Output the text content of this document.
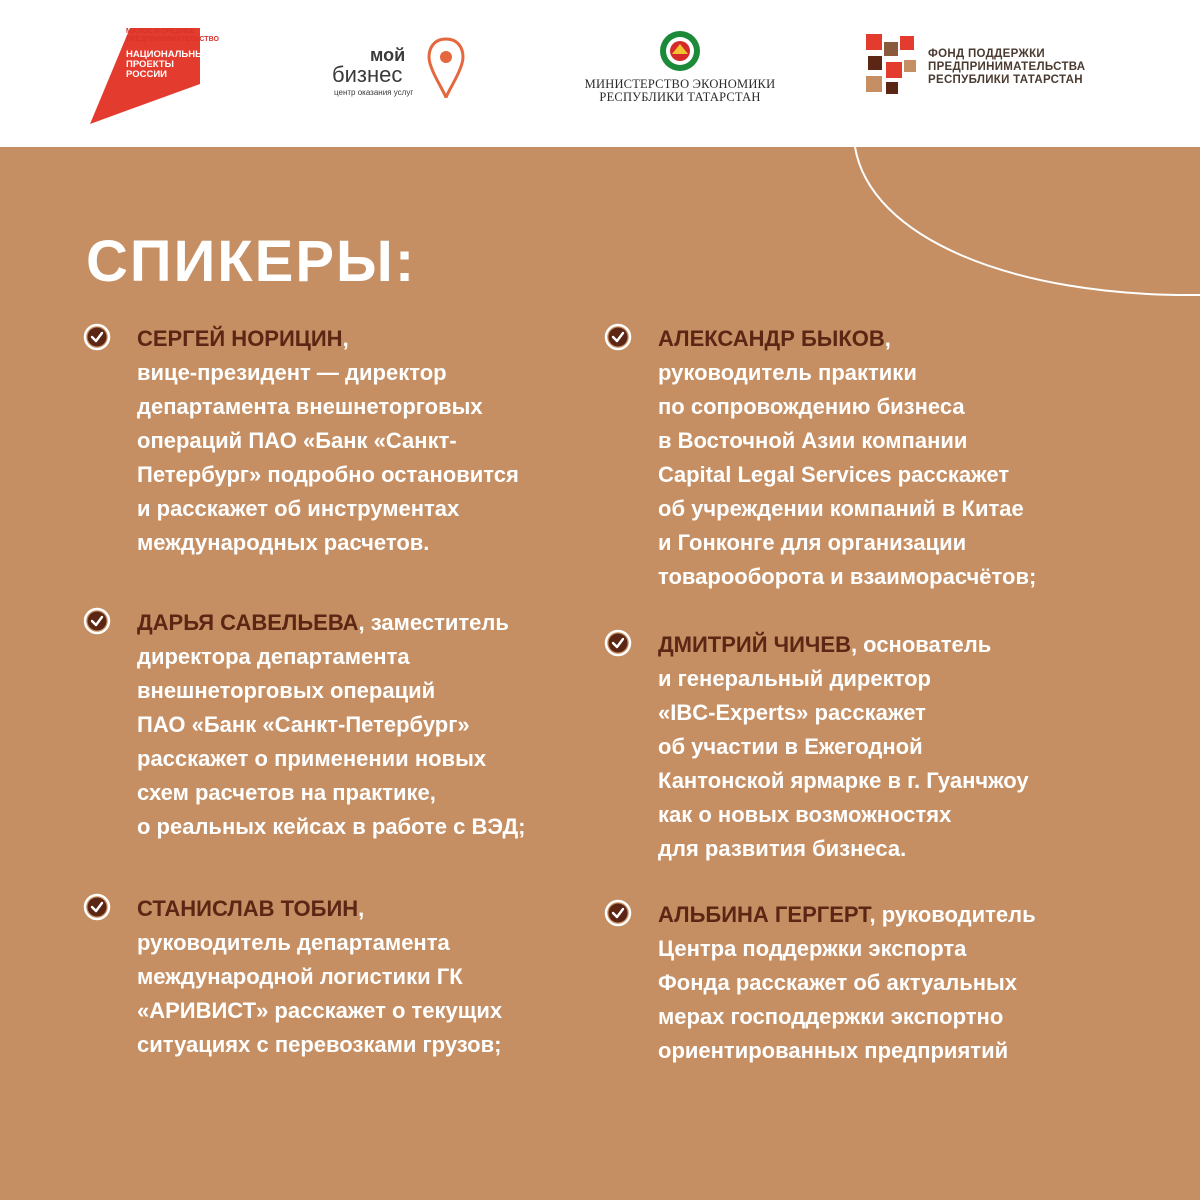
МАЛОЕ И СРЕДНЕЕ ПРЕДПРИНИМАТЕЛЬСТВО
НАЦИОНАЛЬНЫЕ ПРОЕКТЫ РОССИИ
мой
бизнес
центр оказания услуг
МИНИСТЕРСТВО ЭКОНОМИКИ
РЕСПУБЛИКИ ТАТАРСТАН
ФОНД ПОДДЕРЖКИ
ПРЕДПРИНИМАТЕЛЬСТВА
РЕСПУБЛИКИ ТАТАРСТАН
СПИКЕРЫ:
СЕРГЕЙ НОРИЦИН,
вице-президент — директор
департамента внешнеторговых
операций ПАО «Банк «Санкт-
Петербург» подробно остановится
и расскажет об инструментах
международных расчетов.
ДАРЬЯ САВЕЛЬЕВА, заместитель
директора департамента
внешнеторговых операций
ПАО «Банк «Санкт-Петербург»
расскажет о применении новых
схем расчетов на практике,
о реальных кейсах в работе с ВЭД;
СТАНИСЛАВ ТОБИН,
руководитель департамента
международной логистики ГК
«АРИВИСТ» расскажет о текущих
ситуациях с перевозками грузов;
АЛЕКСАНДР БЫКОВ,
руководитель практики
по сопровождению бизнеса
в Восточной Азии компании
Capital Legal Services расскажет
об учреждении компаний в Китае
и Гонконге для организации
товарооборота и взаиморасчётов;
ДМИТРИЙ ЧИЧЕВ, основатель
и генеральный директор
«IBC-Experts» расскажет
об участии в Ежегодной
Кантонской ярмарке в г. Гуанчжоу
как о новых возможностях
для развития бизнеса.
АЛЬБИНА ГЕРГЕРТ, руководитель
Центра поддержки экспорта
Фонда расскажет об актуальных
мерах господдержки экспортно
ориентированных предприятий
